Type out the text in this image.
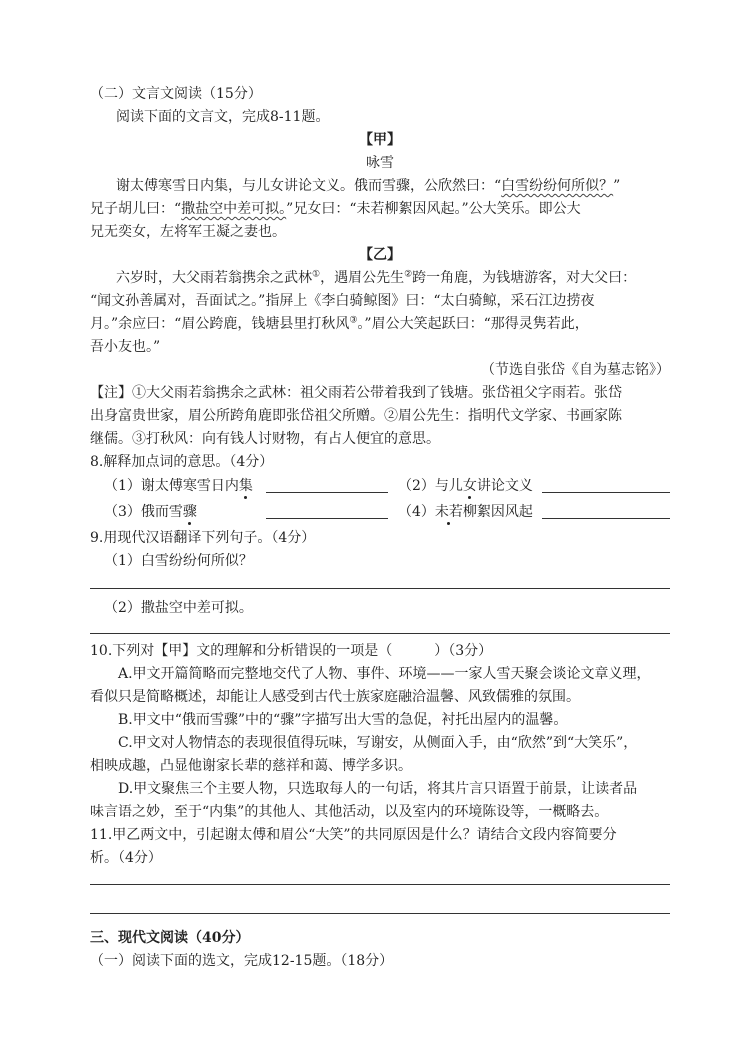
（二）文言文阅读（15分）
阅读下面的文言文，完成8-11题。
【甲】
咏雪
谢太傅寒雪日内集，与儿女讲论文义。俄而雪骤，公欣然曰：“白雪纷纷何所似？”
兄子胡儿曰：“撒盐空中差可拟。”兄女曰：“未若柳絮因风起。”公大笑乐。即公大
兄无奕女，左将军王凝之妻也。
【乙】
六岁时，大父雨若翁携余之武林①，遇眉公先生②跨一角鹿，为钱塘游客，对大父曰：
“闻文孙善属对，吾面试之。”指屏上《李白骑鲸图》曰：“太白骑鲸，采石江边捞夜
月。”余应曰：“眉公跨鹿，钱塘县里打秋风③。”眉公大笑起跃曰：“那得灵隽若此，
吾小友也。”
（节选自张岱《自为墓志铭》）
【注】①大父雨若翁携余之武林：祖父雨若公带着我到了钱塘。张岱祖父字雨若。张岱
出身富贵世家，眉公所跨角鹿即张岱祖父所赠。②眉公先生：指明代文学家、书画家陈
继儒。③打秋风：向有钱人讨财物，有占人便宜的意思。
8.解释加点词的意思。（4分）
（1）谢太傅寒雪日内集	（2）与儿女讲论文义
（3）俄而雪骤	（4）未若柳絮因风起
9.用现代汉语翻译下列句子。（4分）
（1）白雪纷纷何所似？
（2）撒盐空中差可拟。
10.下列对【甲】文的理解和分析错误的一项是（　　　）（3分）
A.甲文开篇简略而完整地交代了人物、事件、环境——一家人雪天聚会谈论文章义理，
看似只是简略概述，却能让人感受到古代士族家庭融洽温馨、风致儒雅的氛围。
B.甲文中“俄而雪骤”中的“骤”字描写出大雪的急促，衬托出屋内的温馨。
C.甲文对人物情态的表现很值得玩味，写谢安，从侧面入手，由“欣然”到“大笑乐”，
相映成趣，凸显他谢家长辈的慈祥和蔼、博学多识。
D.甲文聚焦三个主要人物，只选取每人的一句话，将其片言只语置于前景，让读者品
味言语之妙，至于“内集”的其他人、其他活动，以及室内的环境陈设等，一概略去。
11.甲乙两文中，引起谢太傅和眉公“大笑”的共同原因是什么？请结合文段内容简要分
析。（4分）
三、现代文阅读（40分）
（一）阅读下面的选文，完成12-15题。（18分）
